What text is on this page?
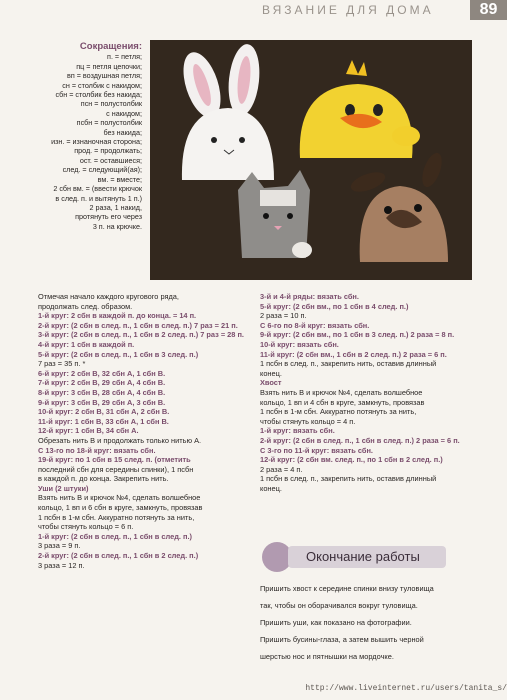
ВЯЗАНИЕ ДЛЯ ДОМА	89
Сокращения:
п. = петля;
пц = петля цепочки;
вп = воздушная петля;
сн = столбик с накидом;
сбн = столбик без накида;
псн = полустолбик
с накидом;
псбн = полустолбик
без накида;
изн. = изнаночная сторона;
прод. = продолжать;
ост. = оставшиеся;
след. = следующий(ая);
вм. = вместе;
2 сбн вм. = (ввести крючок
в след. п. и вытянуть 1 п.)
2 раза, 1 накид,
протянуть его через
3 п. на крючке.

Отмечая начало каждого кругового ряда,

продолжать след. образом.

1-й круг: 2 сбн в каждой п. до конца. = 14 п.

2-й круг: (2 сбн в след. п., 1 сбн в след. п.) 7 раз = 21 п.

3-й круг: (2 сбн в след. п., 1 сбн в 2 след. п.) 7 раз = 28 п.

4-й круг: 1 сбн в каждой п.

5-й круг: (2 сбн в след. п., 1 сбн в 3 след. п.)

7 раз = 35 п. *

6-й круг: 2 сбн В, 32 сбн А, 1 сбн В.

7-й круг: 2 сбн В, 29 сбн А, 4 сбн В.

8-й круг: 3 сбн В, 28 сбн А, 4 сбн В.

9-й круг: 3 сбн В, 29 сбн А, 3 сбн В.

10-й круг: 2 сбн В, 31 сбн А, 2 сбн В.

11-й круг: 1 сбн В, 33 сбн А, 1 сбн В.

12-й круг: 1 сбн В, 34 сбн А.

Обрезать нить В и продолжать только нитью А.

С 13-го по 18-й круг: вязать сбн.

19-й круг: по 1 сбн в 15 след. п. (отметить

последний сбн для середины спинки), 1 псбн

в каждой п. до конца. Закрепить нить.

Уши (2 штуки)

Взять нить В и крючок №4, сделать волшебное

кольцо, 1 вп и 6 сбн в круге, замкнуть, провязав

1 псбн в 1-м сбн. Аккуратно потянуть за нить,

чтобы стянуть кольцо = 6 п.

1-й круг: (2 сбн в след. п., 1 сбн в след. п.)

3 раза = 9 п.

2-й круг: (2 сбн в след. п., 1 сбн в 2 след. п.)

3 раза = 12 п.

3-й и 4-й ряды: вязать сбн.

5-й круг: (2 сбн вм., по 1 сбн в 4 след. п.)

2 раза = 10 п.

С 6-го по 8-й круг: вязать сбн.

9-й круг: (2 сбн вм., по 1 сбн в 3 след. п.) 2 раза = 8 п.

10-й круг: вязать сбн.

11-й круг: (2 сбн вм., 1 сбн в 2 след. п.) 2 раза = 6 п.

1 псбн в след. п., закрепить нить, оставив длинный

конец.

Хвост

Взять нить В и крючок №4, сделать волшебное

кольцо, 1 вп и 4 сбн в круге, замкнуть, провязав

1 псбн в 1-м сбн. Аккуратно потянуть за нить,

чтобы стянуть кольцо = 4 п.

1-й круг: вязать сбн.

2-й круг: (2 сбн в след. п., 1 сбн в след. п.) 2 раза = 6 п.

С 3-го по 11-й круг: вязать сбн.

12-й круг: (2 сбн вм. след. п., по 1 сбн в 2 след. п.)

2 раза = 4 п.

1 псбн в след. п., закрепить нить, оставив длинный

конец.

Окончание работы

Пришить хвост к середине спинки внизу туловища

так, чтобы он оборачивался вокруг туловища.

Пришить уши, как показано на фотографии.

Пришить бусины-глаза, а затем вышить черной

шерстью нос и пятнышки на мордочке.

http://www.liveinternet.ru/users/tanita_s/
